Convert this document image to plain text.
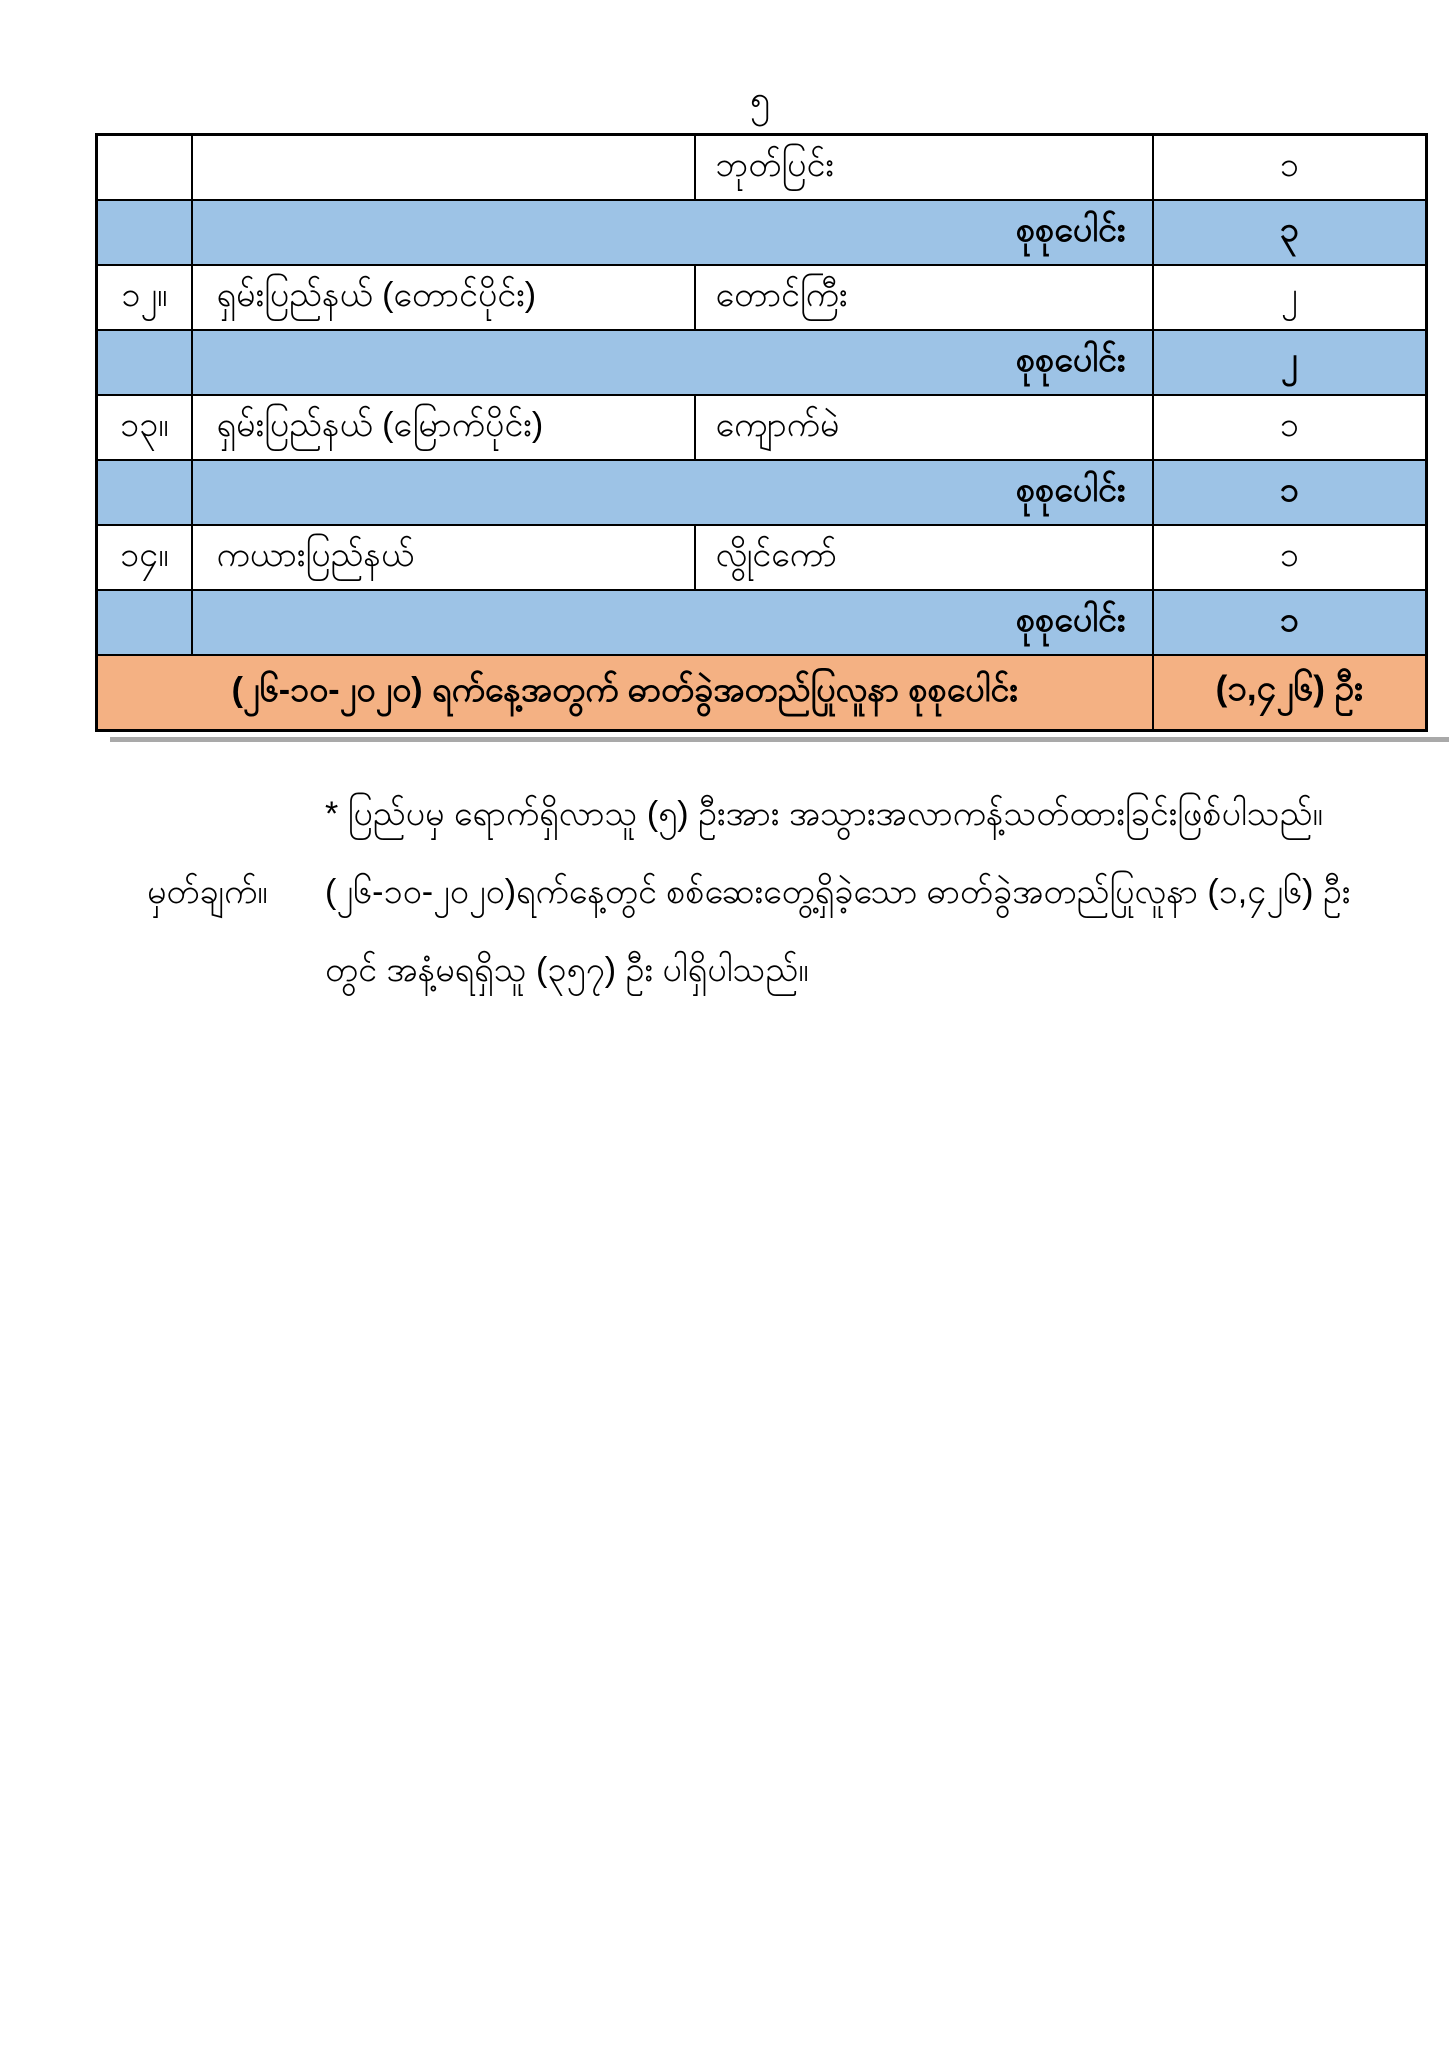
၅
		ဘုတ်ပြင်း	၁
	စုစုပေါင်း		၃
၁၂။	ရှမ်းပြည်နယ် (တောင်ပိုင်း)	တောင်ကြီး	၂
	စုစုပေါင်း		၂
၁၃။	ရှမ်းပြည်နယ် (မြောက်ပိုင်း)	ကျောက်မဲ	၁
	စုစုပေါင်း		၁
၁၄။	ကယားပြည်နယ်	လွိုင်ကော်	၁
	စုစုပေါင်း		၁
(၂၆-၁၀-၂၀၂၀) ရက်နေ့အတွက် ဓာတ်ခွဲအတည်ပြုလူနာ စုစုပေါင်း			(၁,၄၂၆) ဦး
မှတ်ချက်။
* ပြည်ပမှ ရောက်ရှိလာသူ (၅) ဦးအား အသွားအလာကန့်သတ်ထားခြင်းဖြစ်ပါသည်။
(၂၆-၁၀-၂၀၂၀)ရက်နေ့တွင် စစ်ဆေးတွေ့ရှိခဲ့သော ဓာတ်ခွဲအတည်ပြုလူနာ (၁,၄၂၆) ဦး
တွင် အနံ့မရရှိသူ (၃၅၇) ဦး ပါရှိပါသည်။
